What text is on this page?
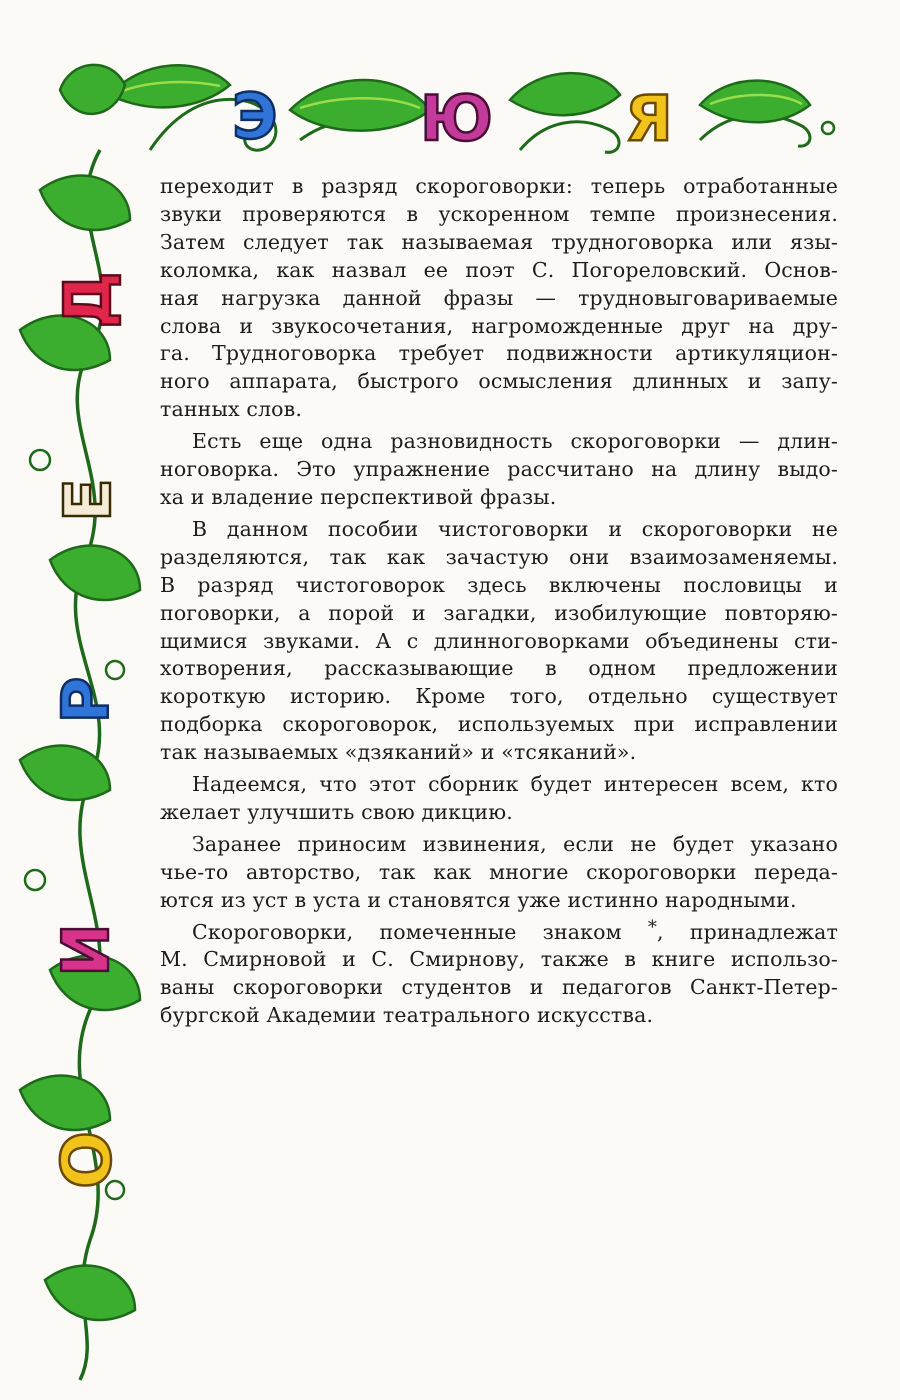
Э Ю Я
Д
Е
Р
И
О
переходит в разряд скороговорки: теперь отработанные
звуки проверяются в ускоренном темпе произнесения.
Затем следует так называемая трудноговорка или язы-
коломка, как назвал ее поэт С. Погореловский. Основ-
ная нагрузка данной фразы — трудновыговариваемые
слова и звукосочетания, нагроможденные друг на дру-
га. Трудноговорка требует подвижности артикуляцион-
ного аппарата, быстрого осмысления длинных и запу-
танных слов.
Есть еще одна разновидность скороговорки — длин-
ноговорка. Это упражнение рассчитано на длину выдо-
ха и владение перспективой фразы.
В данном пособии чистоговорки и скороговорки не
разделяются, так как зачастую они взаимозаменяемы.
В разряд чистоговорок здесь включены пословицы и
поговорки, а порой и загадки, изобилующие повторяю-
щимися звуками. А с длинноговорками объединены сти-
хотворения, рассказывающие в одном предложении
короткую историю. Кроме того, отдельно существует
подборка скороговорок, используемых при исправлении
так называемых «дзяканий» и «тсяканий».
Надеемся, что этот сборник будет интересен всем, кто
желает улучшить свою дикцию.
Заранее приносим извинения, если не будет указано
чье-то авторство, так как многие скороговорки переда-
ются из уст в уста и становятся уже истинно народными.
Скороговорки, помеченные знаком *, принадлежат
М. Смирновой и С. Смирнову, также в книге использо-
ваны скороговорки студентов и педагогов Санкт-Петер-
бургской Академии театрального искусства.
